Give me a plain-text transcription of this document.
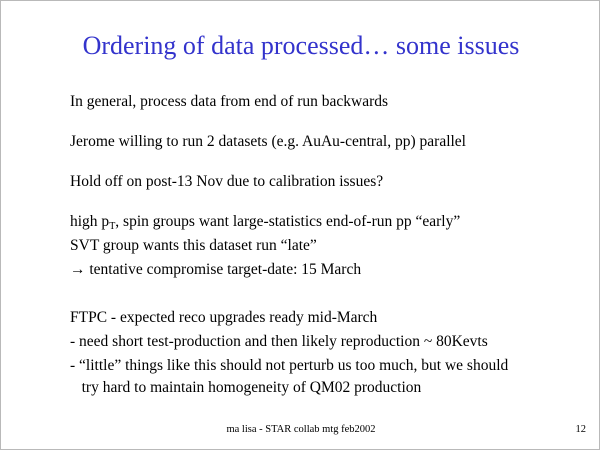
Ordering of data processed… some issues
In general, process data from end of run backwards
Jerome willing to run 2 datasets (e.g. AuAu-central, pp) parallel
Hold off on post-13 Nov due to calibration issues?
high pT, spin groups want large-statistics end-of-run pp “early”
SVT group wants this dataset run “late”
→ tentative compromise target-date: 15 March
FTPC - expected reco upgrades ready mid-March
- need short test-production and then likely reproduction ~ 80Kevts
- “little” things like this should not perturb us too much, but we should
try hard to maintain homogeneity of QM02 production
ma lisa - STAR collab mtg feb2002	12
